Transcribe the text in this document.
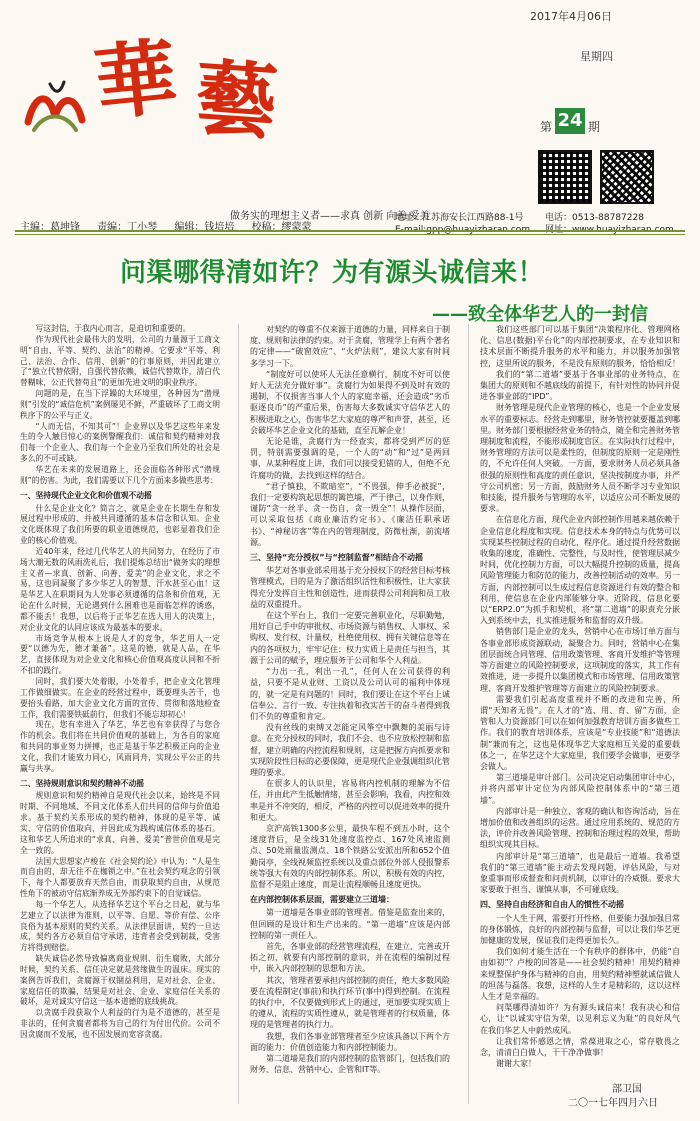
華 藝
2017年4月06日
星期四
第 24 期
做务实的理想主义者——求真 创新 向善 爱美
主编：葛坤锋 责编：丁小琴 编辑：钱培培 校稿：缪蒙蒙
地址：江苏海安长江西路88-1号
E-mail:gpp@huayizharan.com
电话：0513-88787228
网址：www.huayizharan.com
问渠哪得清如许？为有源头诚信来！
——致全体华艺人的一封信

写这封信，于我内心而言，是迫切和重要的。

作为现代社会最伟大的发明，公司的力量源于工商文明“自由、平等、契约、法治”的精神。它要求“平等、利己、法治、合作、信用、创新”的行事原则，并因此建立了“独立代替依附，自强代替依赖，诚信代替欺诈，清白代替糊味，公正代替苟且”的更加先进文明的职业秩序。

问题的是，在当下浮躁的大环境里，各种因为“潜规则”引发的“诚信危机”案例屡见不鲜，严重破坏了工商文明秩序下的公平与正义。

“人而无信，不知其可”！企业界以及华艺这些年来发生的令人触目惊心的案例警醒我们：诚信和契约精神对我们每一个企业人、我们每一个企业乃至我们所处的社会是多么的不可或缺。

华艺在未来的发展道路上，还会面临各种形式“潜规则”的伤害。为此，我们需要以下几个方面来多做些思考：

一、坚持现代企业文化和价值观不动摇

什么是企业文化？简言之，就是企业在长期生存和发展过程中形成的、并被共同遵循的基本信念和认知。企业文化既体现了我们所要的职业道德规范，也彰显着我们企业的核心价值观。

近40年来，经过几代华艺人的共同努力，在经历了市场大潮无数的风雨洗礼后，我们提炼总结出“做务实的理想主义者—求真、创新、向善、爱美”的企业文化，求之不易，这也同凝聚了多少华艺人的智慧、汗水甚至心血！这是华艺人在职期间为人处事必须遵循的信条和价值观，无论在什么时候，无论遇到什么困难也是面临怎样的诱惑，都不能丢！我想，以后将于正华艺在选人用人的决策上，对企业文化的认同应该成为最基本的要求。

市场竞争从根本上说是人才的竞争，华艺用人一定要“以德为先，德才兼备”。这是的德，就是人品，在华艺，直接体现为对企业文化和核心价值观高度认同和不折不扣的践行。

同时，我们要大处着眼，小处着手，把企业文化管理工作做细做实。在企业的经营过程中，既要理头苦干，也要抬头看路，加大企业文化方面的宣传、贯彻和落地检查工作，我们需要铁砥前行，但我们不能忘却初心！

现在，您有幸进入了华艺，华艺也有幸获得了与您合作的机会。我们将在共同价值观的基础上，为各自的家庭和共同的事业努力拼搏，也正是基于华艺积极正向的企业文化，我们才能致力同心，风雨同舟，实现公平公正的共赢与共享。

二、坚持规则意识和契约精神不动摇

规则意识和契约精神自是现代社会以来，始终是不同时期、不同地域、不同文化体系人们共同的信仰与价值追求。基于契约关系形成的契约精神，体现的是平等、诚实、守信的价值取向，并因此成为践构诚信体系的基石。这和华艺人所追求的“求真、向善、爱美”普世价值观是完全一致的。

法国大思想家卢梭在《社会契约论》中认为：“人是生而自由的，却无往不在枷锁之中。”在社会契约观念的引领下，每个人都要放弃天然自由，而获取契约自由，从规范性角下的被动守信底渐养成无外部约束下的自觉诚信。

每一个华艺人，从选择华艺这个平台之日起，就与华艺建立了以法律为准则，以平等、自愿、等价有偿、公序良俗为基本原则的契约关系。从法律层面讲，契约一旦达成，契约各方必须自信守承诺，违背者会受到制裁，受害方将得到赔偿。

缺失诚信必然导致偏离商业规则、衍生腐败，大部分时候，契约关系、信任决定就是营缘做生的温床。现实的案例告诉我们，贪腐源于权锢益利用，是对社会、企业、家庭信任的欺骗，结果是对社会、企业、家庭信任关系的破坏，是对诚实守信这一基本道德的底线挑战。

以贪腐手段获取个人利益的行为是不道德的，甚至是非法的，任何贪腐者都将为自己的行为付出代价。公司不因贪腐而不发展，也不因发展而宽容贪腐。

对契约的尊重不仅来源于道德的力量，同样来自于制度、规则和法律的约束。对于贪腐，管理学上有两个著名的定律——“破窗效应”、“火炉法则”，建议大家有时间多学习一下。

“制度好可以使坏人无法任意横行，制度不好可以使好人无法充分做好事”。贪腐行为如果得不到及时有效的遏制，不仅损害当事人个人的家庭幸福，还会造成“劣币驱逐良币”的严重后果，伤害每大多数诚实守信华艺人的积极进取之心，伤害华艺大家庭的尊严和声誉，甚至，还会破坏华艺企业文化的基础，直至瓦解企业！

无论是谁，贪腐行为一经查实，都将受到严厉的惩罚，特别需要强调的是，一个人的“动”和“过”是两回事，从某种程度上讲，我们可以接受犯错的人，但绝不允许腐功的做，去找到这样的结合。

“君子慎独，不欺暗室”，“不畏强，伸手必被捉”，我们一定要构筑起思想的篱笆墙，严于律己，以身作则，谨防“贪一丝半、贪一伤自，贪一毁全”！从操作层面，可以采取包括《商业廉洁约定书》、《廉洁任职承诺书》、“神秘访客”等在内的管理制度，防微杜渐，前流堵源。

三、坚持“充分授权”与“控制监督”相结合不动摇

华艺对各事业部采用基于充分授权下的经营目标考核管理模式，目的是为了激活组织活性和积极性，让大家获得充分发挥自主性和创造性，进而获得公司利润和员工收益的双重提升。

在这个平台上，我们一定要完善职业化，尽职勤勉，用好自己手中的审批权、市场资源与销售权、人事权、采购权、发行权、计量权，杜绝使用权、拥有关键信息等在内的各项权力，牢牢记住：权力实质上是责任与担当，其源于公司的赋予，理应服务于公司和华个人利益。

“力出一孔，利出一孔”，任何人在公司获得的利益，只要不是从业财、工资以及公司认可的福利中体现的，就一定是有问题的！同时，我们要让在这个平台上诚信奉公、言行一致、专注执着和孜实苦干的奋斗者得到我们不负的尊重和肯定。

没有丝线的束缚又怎能定风筝空中飘舞的美丽与诗意。在充分授权的同时，我们不会、也不应放松控制和监督，建立明确的内控流程和规则，这是把握方向抓要求和实现阶段性目标的必要保障，更是现代企业强调组织化管理的要求。

在很多人的认识里，容易将内控机制的理解为不信任，并由此产生抵触情绪，甚至会影响，我看，内控和效率是并不冲突的，相反，严格的内控可以促进效率的提升和更大。

京沪高铁1300多公里，最快车程不到五小时，这个速度背后，是全线31处速度监控点、167处风速监测点、50处雨量监测点、18个铁路公安派出所和652个值勤岗亭，全线视频监控系统以及重点部位外部人侵报警系统等强大有效的内部控制体系。所以，积极有效的内控，监督不是阻止速度，而是让流程顺畅且速度更快。

在内部控制体系层面，需要建立三道墙：

第一道墙是各事业部的管理者。借鉴是监查出来的，但回顾的是设计和生产出来的。“第一道墙”应该是内部控制的第一责任人。

首先，各事业部的经营管理流程，在建立、完善或开拓之初，就要有内部控制的意识，并在流程的编制过程中，嵌入内部控制的思想和方法。

其次，管理者要承担内部控制的责任，绝大多数风险要在流程制定(事前)和执行环节(事中)得到控制。在流程的执行中，不仅要做到形式上的通过，更加要实现实质上的遵从，流程的实质性遵从，就是管理者的行权质量，体现的是管理者的执行力。

我想，我们各事业部管理者至少应该具备以下两个方面的能力：价值创造能力和内部控制能力。

第二道墙是我们的内部控制的监管部门，包括我们的财务、信息、营销中心、企管和IT等。

我们这些部门可以基于集团“决策程序化、管理网格化、信息(数据)平台化”的内部控制要求，在专业知识和技术层面不断提升服务的水平和能力，并以服务加强管控，这里所说的服务，不是没有原则的服务，恰恰相反！

我们的“第二道墙”要基于各事业部的业务特点，在集团大的原则和不越底线的前提下，有针对性的协同并促进各事业部的“IPD”。

财务管理是现代企业管理的核心，也是一个企业发展水平的重要标志。经营走到哪里，财务管控就要覆盖到哪里。财务部门要根据经营业务的特点，随全和完善财务管理制度和流程，不能形成制度盲区。在实际执行过程中，财务管理的方法可以是柔性的，但制度的原则一定是刚性的，不允许任何人突破。一方面，要求财务人员必须具备很强的原则性和高度的责任意识，坚决按制度办事，并严守公司机密；另一方面，鼓励财务人员不断学习专业知识和技能，提升服务与管理的水平，以适应公司不断发展的要求。

在信息化方面，现代企业内部控制作用越来越依赖于企业信息化程度和实现。信息技术本身的特点与优势可以实现某些控制过程的自动化，程序化。通过提升经营数据收集的速度，准确性、完整性，与及时性，使管理层减少时间，优化控制力方面，可以大幅提升控制的质量，提高风险管理能力和防范的能力，改善控制活动的效率。另一方面，内部控制可以生成过程信息资源进行有效的整合和利用，使信息在企业内部能够分享。近阶段，信息化要以“ERP2.0”为抓手和契机，将“第二道墙”的职责充分嵌入到系统中去，扎实推进服务和监督的双升级。

销售部门是企业的龙头，营销中心在市场订单方面与各事业部形成资源联动，凝聚合力。同时，营销中心在集团层面统合同管理、信用政策管理、客商开发维护等管理等方面建立的风险控制要求，这项制度的落实，其工作有效推进，进一步提升以集团模式和市场管理、信用政策管理、客商开发维护管理等方面建立的风险控制要求。

需要我们引起高度重视并不断的改进和完善，所谓“天知者无畏”。在人才的“选、用、育、留”方面，企管和人力资源部门可以在如何加强教育培训方面多做些工作。我们的教育培训体系，应该是“专业技能”和“道德法制”兼而有之，这也是体现华艺大家庭相互关爱的重要载体之一，在华艺这个大家庭里，我们要学会做事，更要学会做人。

第三道墙是审计部门。公司决定启动集团审计中心，并将内部审计定位为内部风险控制体系中的“第三道墙”。

内部审计是一种独立、客观的确认和咨询活动，旨在增加价值和改善组织的运营。通过应用系统的、规范的方法，评价并改善风险管理、控制和治理过程的效果，帮助组织实现其目标。

内部审计是“第三道墙”，也是最后一道墙。我希望我们的“第三道墙”能主动去发现问题，评估风险，与对象重事而形成督查和问责机制，以审计的冷威慑。要求大家要敢于担当、谨慎从事，不可碰底线。

四、坚持自由经济和自由人的惯性不动摇

一个人生于网，需要打开性格，但要能力强加强目常的身体锻炼，良好的内部控制与监督，可以让我们华艺更加健康的发展，保证我们走得更加长久。

我们如何才能生活在一个有秩序的群体中，仍能“自由如初”？卢梭的回答是——社会契约精神！用契约精神来规整保护身体与精神的自由，用契约精神塑就诚信做人的坦荡与磊落。我想，这样的人生才是精彩的，这以这样人生才是幸福的。

问渠哪得清如许？为有源头诚信来！我有决心和信心，让“以诚实守信为荣，以见利忘义为耻”的良好风气在我们华艺人中蔚然成风。

让我们常怀感恩之情，常葆进取之心，常存敬畏之念，清清白白做人，干干净净做事！

谢谢大家！

部卫国
二〇一七年四月六日
